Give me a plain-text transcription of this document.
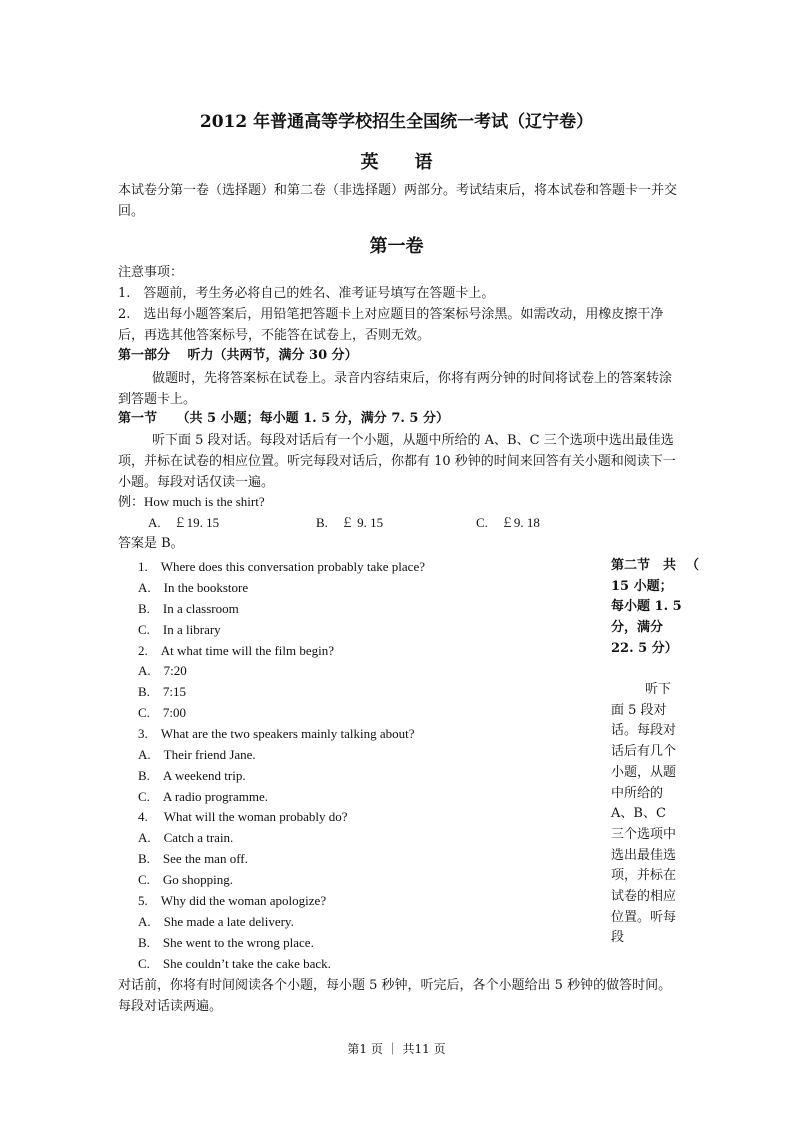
2012 年普通高等学校招生全国统一考试（辽宁卷）
英　　语
本试卷分第一卷（选择题）和第二卷（非选择题）两部分。考试结束后，将本试卷和答题卡一并交回。
第一卷
注意事项：
1.　答题前，考生务必将自己的姓名、准考证号填写在答题卡上。
2.　选出每小题答案后，用铅笔把答题卡上对应题目的答案标号涂黑。如需改动，用橡皮擦干净后，再选其他答案标号，不能答在试卷上，否则无效。
第一部分　 听力（共两节，满分 30 分）
做题时，先将答案标在试卷上。录音内容结束后，你将有两分钟的时间将试卷上的答案转涂到答题卡上。
第一节　　（共 5 小题；每小题 1. 5 分，满分 7. 5 分）
听下面 5 段对话。每段对话后有一个小题，从题中所给的 A、B、C 三个选项中选出最佳选项，并标在试卷的相应位置。听完每段对话后，你都有 10 秒钟的时间来回答有关小题和阅读下一小题。每段对话仅读一遍。
例：How much is the shirt?
A.　￡19. 15	B.　￡ 9. 15	C.　￡9. 18
答案是 B。
1.　Where does this conversation probably take place?
A.　In the bookstore
B.　In a classroom
C.　In a library
2.　At what time will the film begin?
A.　7:20
B.　7:15
C.　7:00
3.　What are the two speakers mainly talking about?
A.　Their friend Jane.
B.　A weekend trip.
C.　A radio programme.
4.　 What will the woman probably do?
A.　Catch a train.
B.　See the man off.
C.　Go shopping.
5.　Why did the woman apologize?
A.　She made a late delivery.
B.　She went to the wrong place.
C.　She couldn’t take the cake back.
（
第二节　共 15 小题；每小题 1. 5 分，满分 22. 5 分）
听下面 5 段对话。每段对话后有几个小题，从题中所给的 A、B、C 三个选项中选出最佳选项，并标在试卷的相应位置。听每段
对话前，你将有时间阅读各个小题，每小题 5 秒钟，听完后，各个小题给出 5 秒钟的做答时间。每段对话读两遍。
第1 页 ｜ 共11 页
